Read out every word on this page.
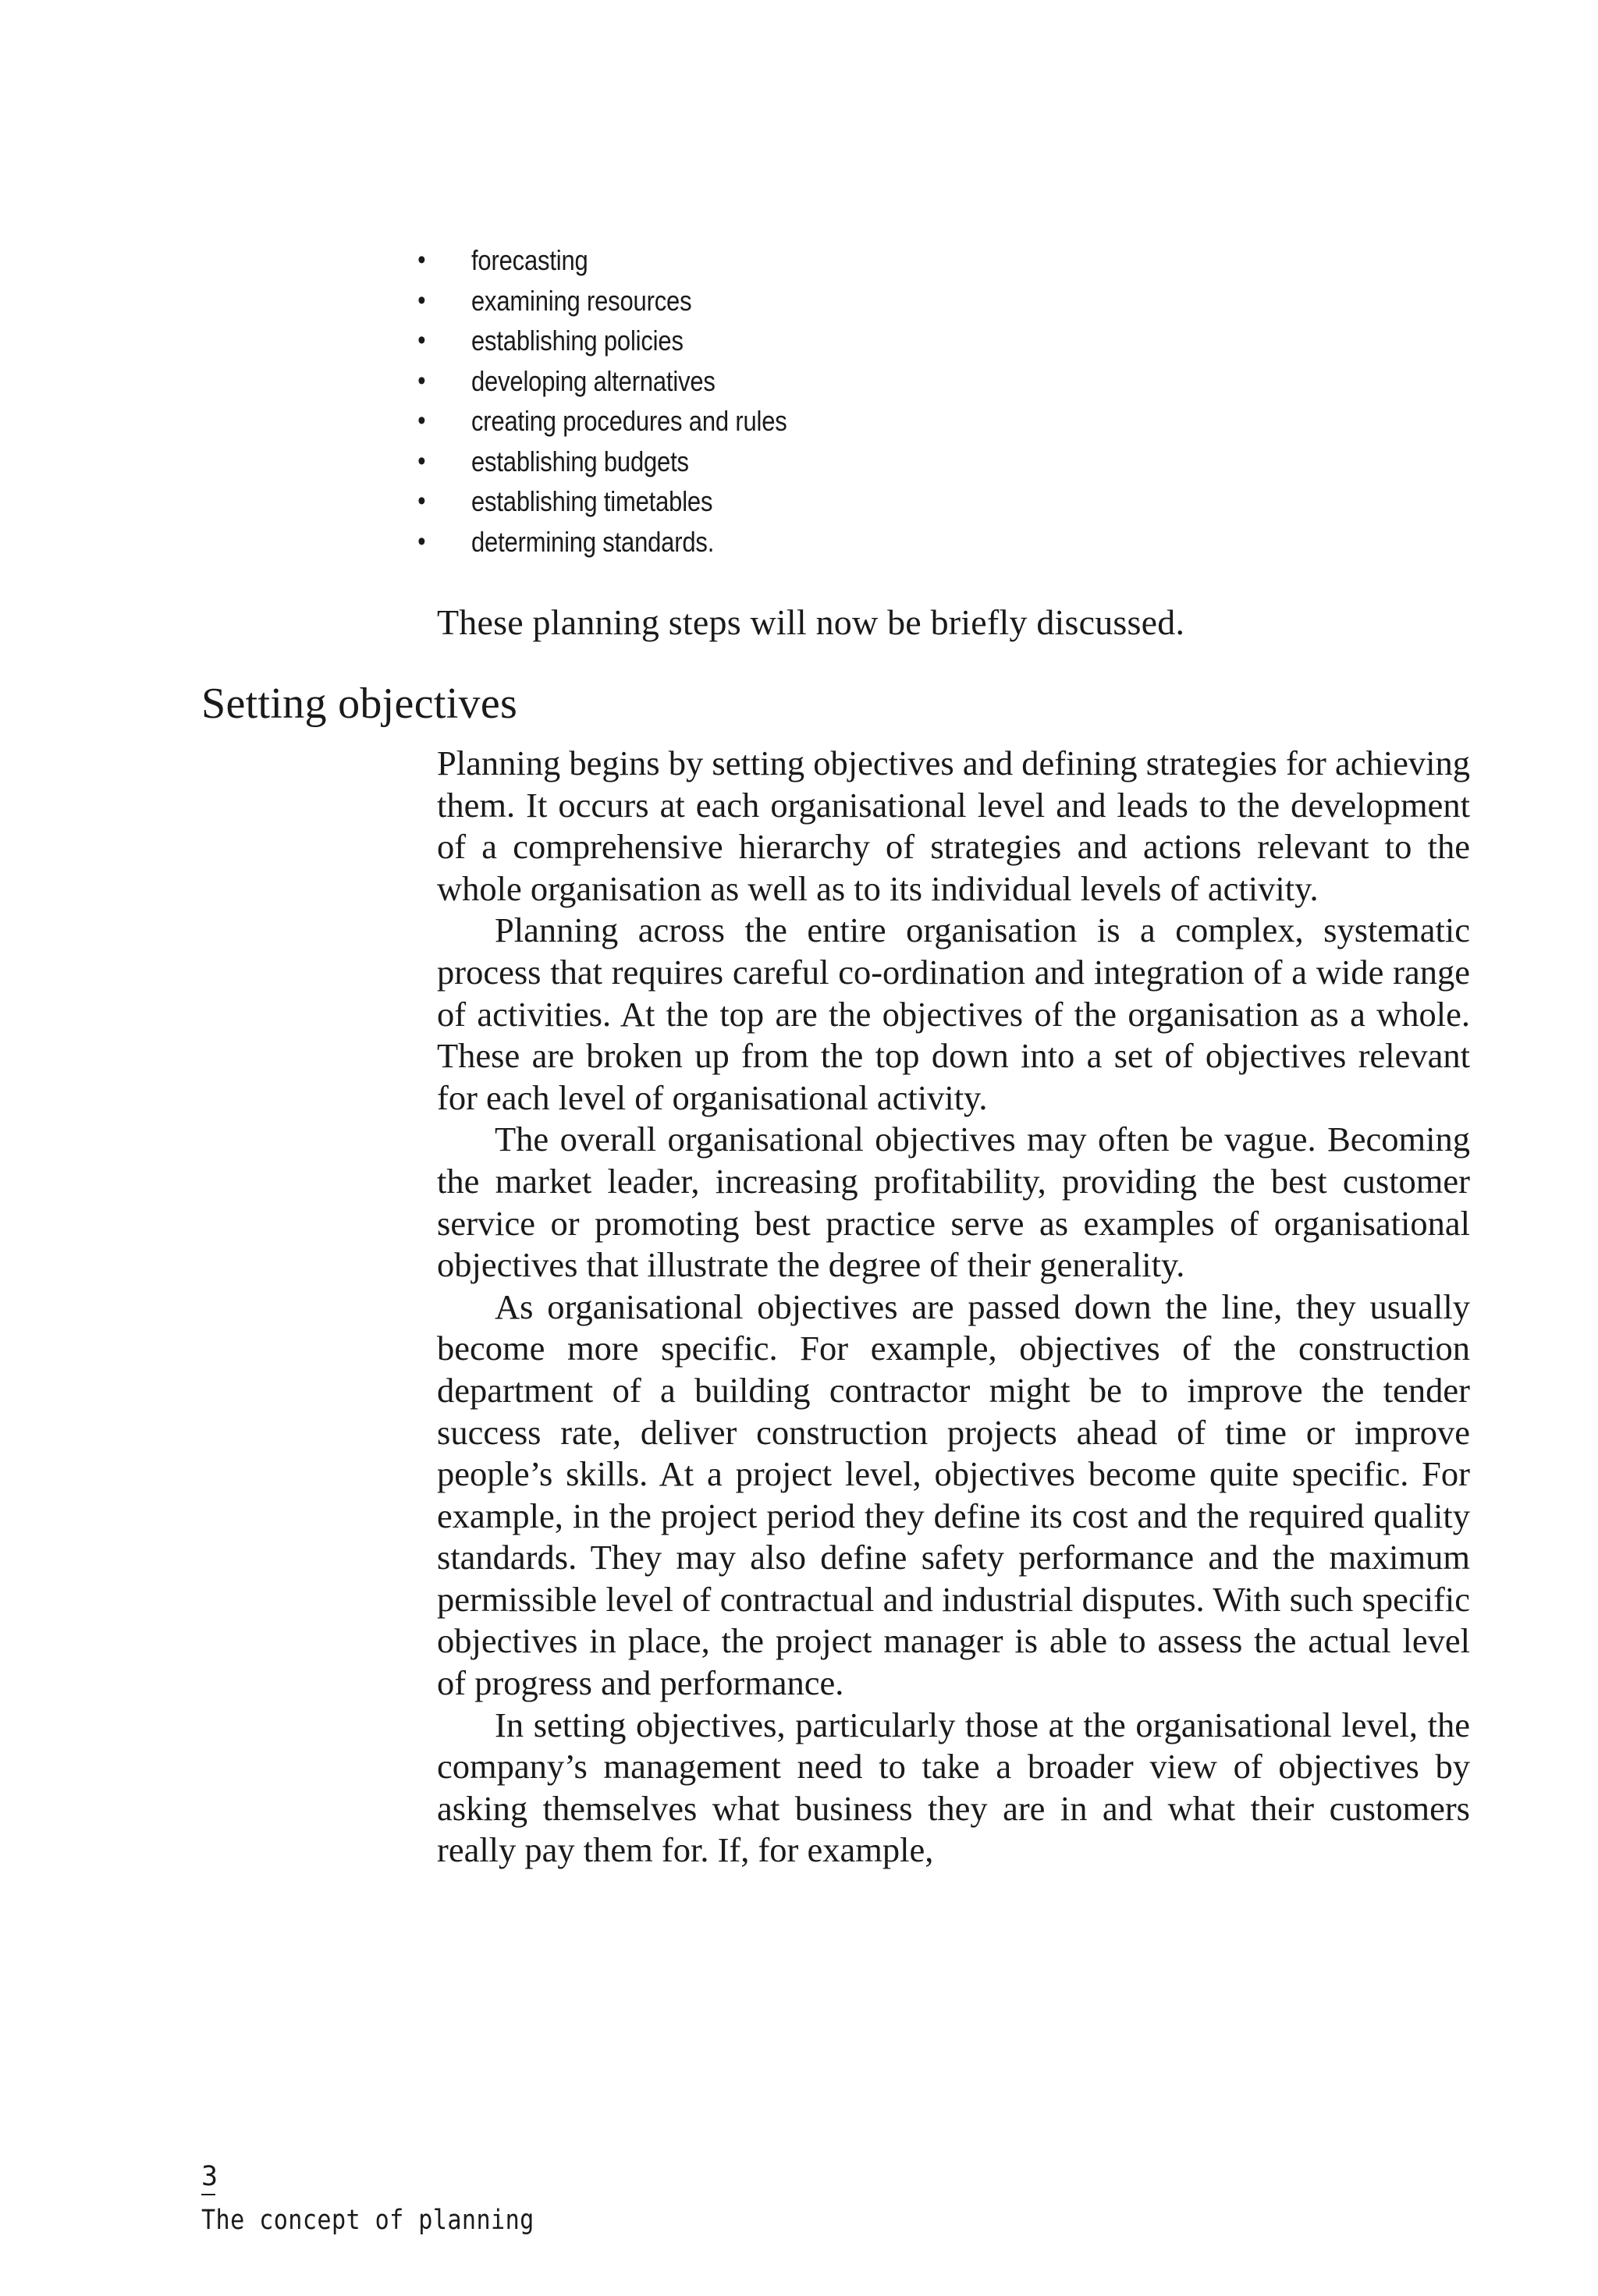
• forecasting
• examining resources
• establishing policies
• developing alternatives
• creating procedures and rules
• establishing budgets
• establishing timetables
• determining standards.

These planning steps will now be briefly discussed.

Setting objectives

Planning begins by setting objectives and defining strategies for achieving them. It occurs at each organisational level and leads to the development of a comprehensive hierarchy of strategies and actions relevant to the whole organisation as well as to its individual levels of activity.

Planning across the entire organisation is a complex, systematic process that requires careful co-ordination and integration of a wide range of activities. At the top are the objectives of the organisation as a whole. These are broken up from the top down into a set of objectives relevant for each level of organisational activity.

The overall organisational objectives may often be vague. Becoming the market leader, increasing profitability, providing the best customer service or promoting best practice serve as examples of organisational objectives that illustrate the degree of their generality.

As organisational objectives are passed down the line, they usually become more specific. For example, objectives of the construction department of a building contractor might be to improve the tender success rate, deliver construction projects ahead of time or improve people’s skills. At a project level, objectives become quite specific. For example, in the project period they define its cost and the required quality standards. They may also define safety performance and the maximum permissible level of contractual and industrial disputes. With such specific objectives in place, the project manager is able to assess the actual level of progress and performance.

In setting objectives, particularly those at the organisational level, the company’s management need to take a broader view of objectives by asking themselves what business they are in and what their customers really pay them for. If, for example,

3
The concept of planning
